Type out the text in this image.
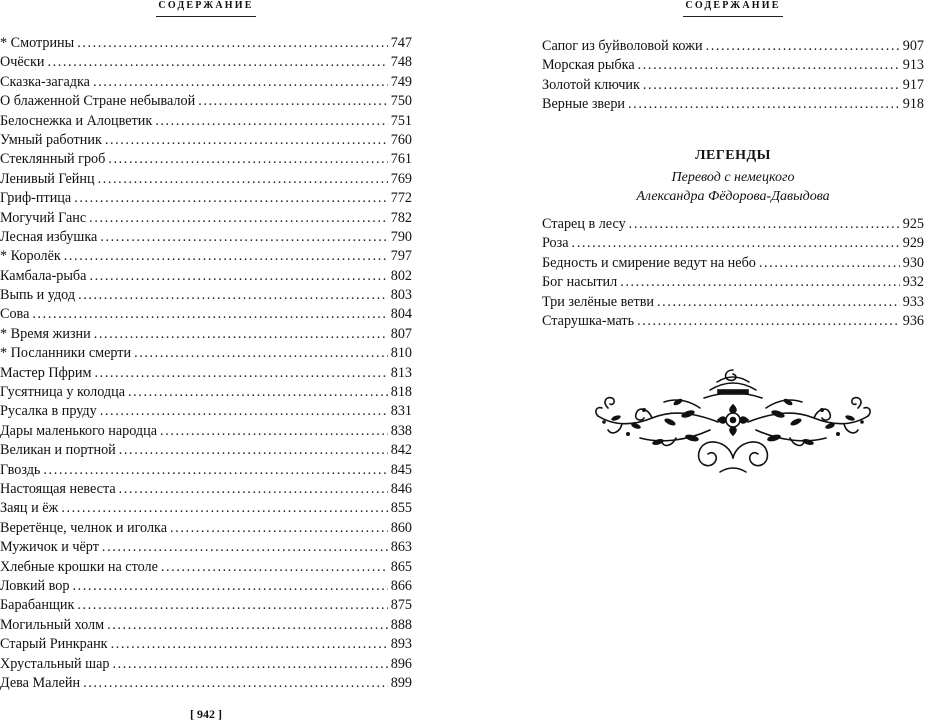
СОДЕРЖАНИЕ
* Смотрины .....	747
Очёски .....	748
Сказка-загадка .....	749
О блаженной Стране небывалой .....	750
Белоснежка и Алоцветик .....	751
Умный работник .....	760
Стеклянный гроб .....	761
Ленивый Гейнц .....	769
Гриф-птица .....	772
Могучий Ганс .....	782
Лесная избушка .....	790
* Королёк .....	797
Камбала-рыба .....	802
Выпь и удод .....	803
Сова .....	804
* Время жизни .....	807
* Посланники смерти .....	810
Мастер Пфрим .....	813
Гусятница у колодца .....	818
Русалка в пруду .....	831
Дары маленького народца .....	838
Великан и портной .....	842
Гвоздь .....	845
Настоящая невеста .....	846
Заяц и ёж .....	855
Веретёнце, челнок и иголка .....	860
Мужичок и чёрт .....	863
Хлебные крошки на столе .....	865
Ловкий вор .....	866
Барабанщик .....	875
Могильный холм .....	888
Старый Ринкранк .....	893
Хрустальный шар .....	896
Дева Малейн .....	899
[ 942 ]
СОДЕРЖАНИЕ
Сапог из буйволовой кожи .....	907
Морская рыбка .....	913
Золотой ключик .....	917
Верные звери .....	918
ЛЕГЕНДЫ
Перевод с немецкого
Александра Фёдорова-Давыдова
Старец в лесу .....	925
Роза .....	929
Бедность и смирение ведут на небо .....	930
Бог насытил .....	932
Три зелёные ветви .....	933
Старушка-мать .....	936
